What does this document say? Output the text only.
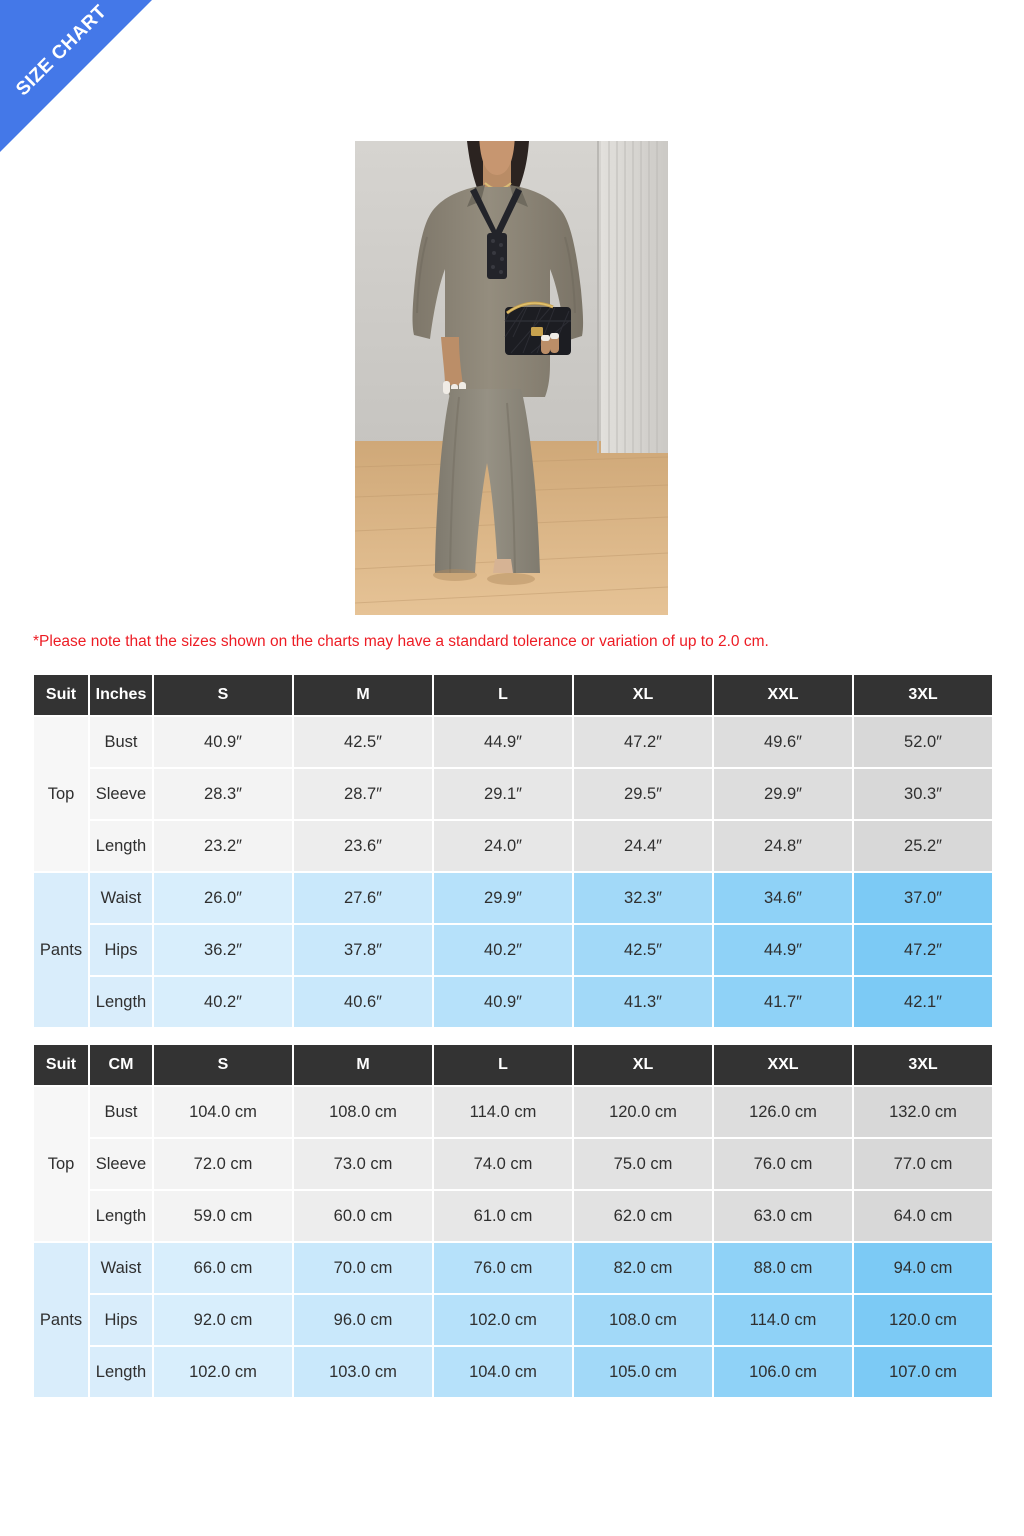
SIZE CHART
*Please note that the sizes shown on the charts may have a standard tolerance or variation of up to 2.0 cm.
Suit	Inches	S	M	L	XL	XXL	3XL
Top	Bust	40.9″	42.5″	44.9″	47.2″	49.6″	52.0″
	Sleeve	28.3″	28.7″	29.1″	29.5″	29.9″	30.3″
	Length	23.2″	23.6″	24.0″	24.4″	24.8″	25.2″
Pants	Waist	26.0″	27.6″	29.9″	32.3″	34.6″	37.0″
	Hips	36.2″	37.8″	40.2″	42.5″	44.9″	47.2″
	Length	40.2″	40.6″	40.9″	41.3″	41.7″	42.1″
Suit	CM	S	M	L	XL	XXL	3XL
Top	Bust	104.0 cm	108.0 cm	114.0 cm	120.0 cm	126.0 cm	132.0 cm
	Sleeve	72.0 cm	73.0 cm	74.0 cm	75.0 cm	76.0 cm	77.0 cm
	Length	59.0 cm	60.0 cm	61.0 cm	62.0 cm	63.0 cm	64.0 cm
Pants	Waist	66.0 cm	70.0 cm	76.0 cm	82.0 cm	88.0 cm	94.0 cm
	Hips	92.0 cm	96.0 cm	102.0 cm	108.0 cm	114.0 cm	120.0 cm
	Length	102.0 cm	103.0 cm	104.0 cm	105.0 cm	106.0 cm	107.0 cm
